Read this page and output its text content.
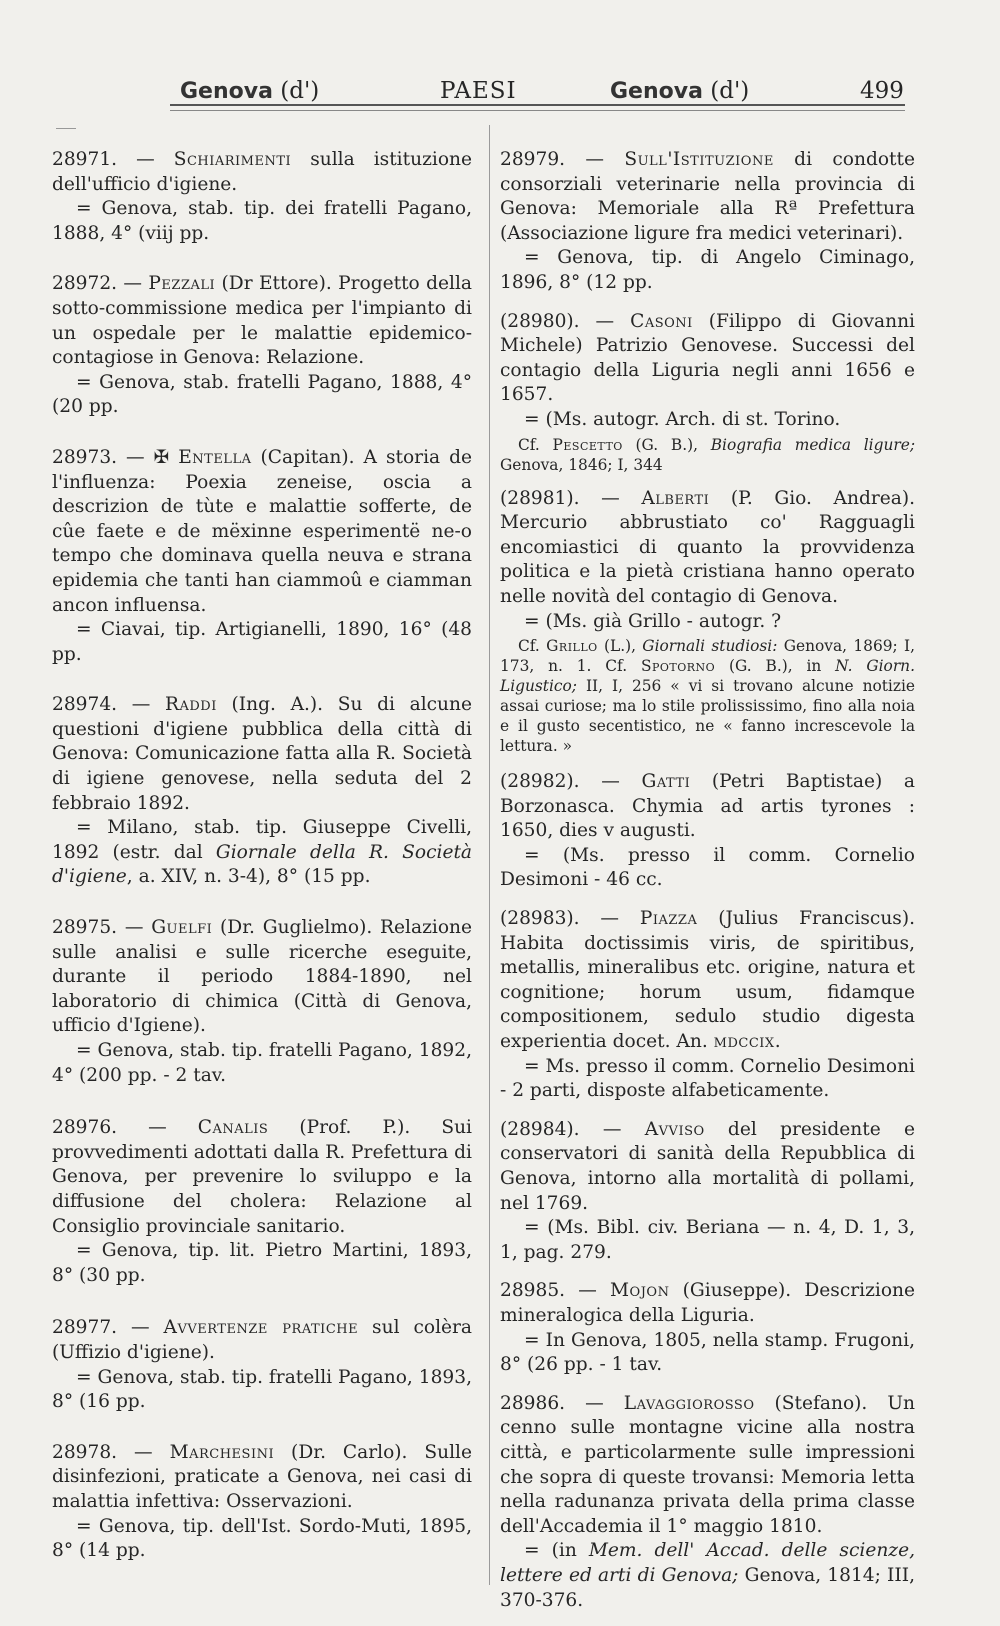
Genova (d')	PAESI	Genova (d')	499

28971. — Schiarimenti sulla istituzione dell'ufficio d'igiene.

= Genova, stab. tip. dei fratelli Pagano, 1888, 4° (viij pp.

28972. — Pezzali (Dr Ettore). Progetto della sotto-commissione medica per l'impianto di un ospedale per le malattie epidemico-contagiose in Genova: Relazione.

= Genova, stab. fratelli Pagano, 1888, 4° (20 pp.

28973. — ✠ Entella (Capitan). A storia de l'influenza: Poexia zeneise, oscia a descrizion de tùte e malattie sofferte, de cûe faete e de mëxinne esperimentë ne-o tempo che dominava quella neuva e strana epidemia che tanti han ciammoû e ciamman ancon influensa.

= Ciavai, tip. Artigianelli, 1890, 16° (48 pp.

28974. — Raddi (Ing. A.). Su di alcune questioni d'igiene pubblica della città di Genova: Comunicazione fatta alla R. Società di igiene genovese, nella seduta del 2 febbraio 1892.

= Milano, stab. tip. Giuseppe Civelli, 1892 (estr. dal Giornale della R. Società d'igiene, a. XIV, n. 3-4), 8° (15 pp.

28975. — Guelfi (Dr. Guglielmo). Relazione sulle analisi e sulle ricerche eseguite, durante il periodo 1884-1890, nel laboratorio di chimica (Città di Genova, ufficio d'Igiene).

= Genova, stab. tip. fratelli Pagano, 1892, 4° (200 pp. - 2 tav.

28976. — Canalis (Prof. P.). Sui provvedimenti adottati dalla R. Prefettura di Genova, per prevenire lo sviluppo e la diffusione del cholera: Relazione al Consiglio provinciale sanitario.

= Genova, tip. lit. Pietro Martini, 1893, 8° (30 pp.

28977. — Avvertenze pratiche sul colèra (Uffizio d'igiene).

= Genova, stab. tip. fratelli Pagano, 1893, 8° (16 pp.

28978. — Marchesini (Dr. Carlo). Sulle disinfezioni, praticate a Genova, nei casi di malattia infettiva: Osservazioni.

= Genova, tip. dell'Ist. Sordo-Muti, 1895, 8° (14 pp.

28979. — Sull'Istituzione di condotte consorziali veterinarie nella provincia di Genova: Memoriale alla Rª Prefettura (Associazione ligure fra medici veterinari).

= Genova, tip. di Angelo Ciminago, 1896, 8° (12 pp.

(28980). — Casoni (Filippo di Giovanni Michele) Patrizio Genovese. Successi del contagio della Liguria negli anni 1656 e 1657.

= (Ms. autogr. Arch. di st. Torino.

Cf. Pescetto (G. B.), Biografia medica ligure; Genova, 1846; I, 344

(28981). — Alberti (P. Gio. Andrea). Mercurio abbrustiato co' Ragguagli encomiastici di quanto la provvidenza politica e la pietà cristiana hanno operato nelle novità del contagio di Genova.

= (Ms. già Grillo - autogr. ?

Cf. Grillo (L.), Giornali studiosi: Genova, 1869; I, 173, n. 1. Cf. Spotorno (G. B.), in N. Giorn. Ligustico; II, I, 256 « vi si trovano alcune notizie assai curiose; ma lo stile prolississimo, fino alla noia e il gusto secentistico, ne « fanno increscevole la lettura. »

(28982). — Gatti (Petri Baptistae) a Borzonasca. Chymia ad artis tyrones : 1650, dies v augusti.

= (Ms. presso il comm. Cornelio Desimoni - 46 cc.

(28983). — Piazza (Julius Franciscus). Habita doctissimis viris, de spiritibus, metallis, mineralibus etc. origine, natura et cognitione; horum usum, fidamque compositionem, sedulo studio digesta experientia docet. An. mdccix.

= Ms. presso il comm. Cornelio Desimoni - 2 parti, disposte alfabeticamente.

(28984). — Avviso del presidente e conservatori di sanità della Repubblica di Genova, intorno alla mortalità di pollami, nel 1769.

= (Ms. Bibl. civ. Beriana — n. 4, D. 1, 3, 1, pag. 279.

28985. — Mojon (Giuseppe). Descrizione mineralogica della Liguria.

= In Genova, 1805, nella stamp. Frugoni, 8° (26 pp. - 1 tav.

28986. — Lavaggiorosso (Stefano). Un cenno sulle montagne vicine alla nostra città, e particolarmente sulle impressioni che sopra di queste trovansi: Memoria letta nella radunanza privata della prima classe dell'Accademia il 1° maggio 1810.

= (in Mem. dell' Accad. delle scienze, lettere ed arti di Genova; Genova, 1814; III, 370-376.
